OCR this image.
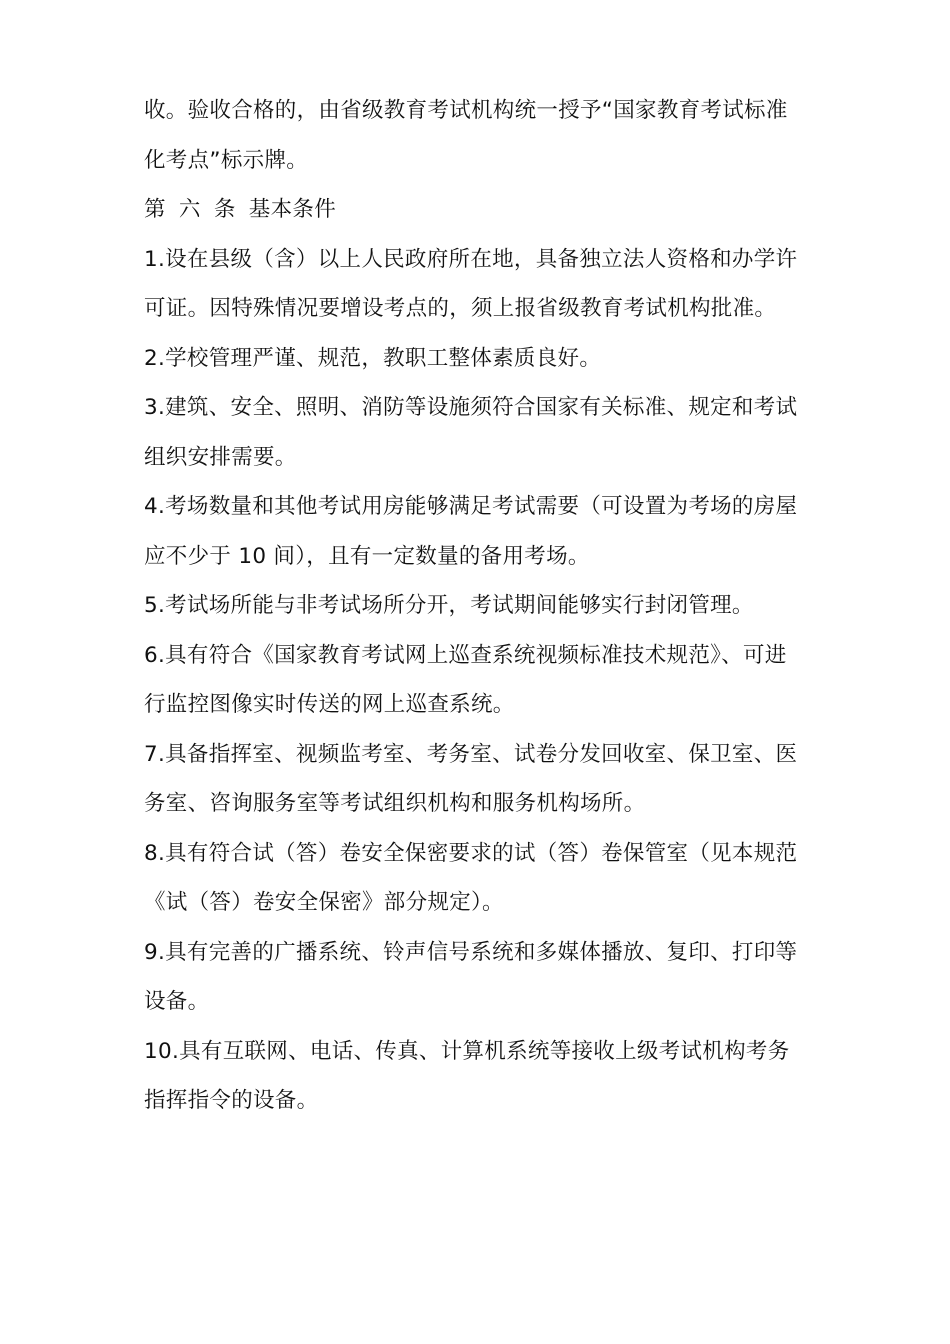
收。验收合格的，由省级教育考试机构统一授予“国家教育考试标准
化考点”标示牌。
第 六 条 基本条件
1.设在县级（含）以上人民政府所在地，具备独立法人资格和办学许
可证。因特殊情况要增设考点的，须上报省级教育考试机构批准。
2.学校管理严谨、规范，教职工整体素质良好。
3.建筑、安全、照明、消防等设施须符合国家有关标准、规定和考试
组织安排需要。
4.考场数量和其他考试用房能够满足考试需要（可设置为考场的房屋
应不少于 10 间），且有一定数量的备用考场。
5.考试场所能与非考试场所分开，考试期间能够实行封闭管理。
6.具有符合《国家教育考试网上巡查系统视频标准技术规范》、可进
行监控图像实时传送的网上巡查系统。
7.具备指挥室、视频监考室、考务室、试卷分发回收室、保卫室、医
务室、咨询服务室等考试组织机构和服务机构场所。
8.具有符合试（答）卷安全保密要求的试（答）卷保管室（见本规范
《试（答）卷安全保密》部分规定）。
9.具有完善的广播系统、铃声信号系统和多媒体播放、复印、打印等
设备。
10.具有互联网、电话、传真、计算机系统等接收上级考试机构考务
指挥指令的设备。
